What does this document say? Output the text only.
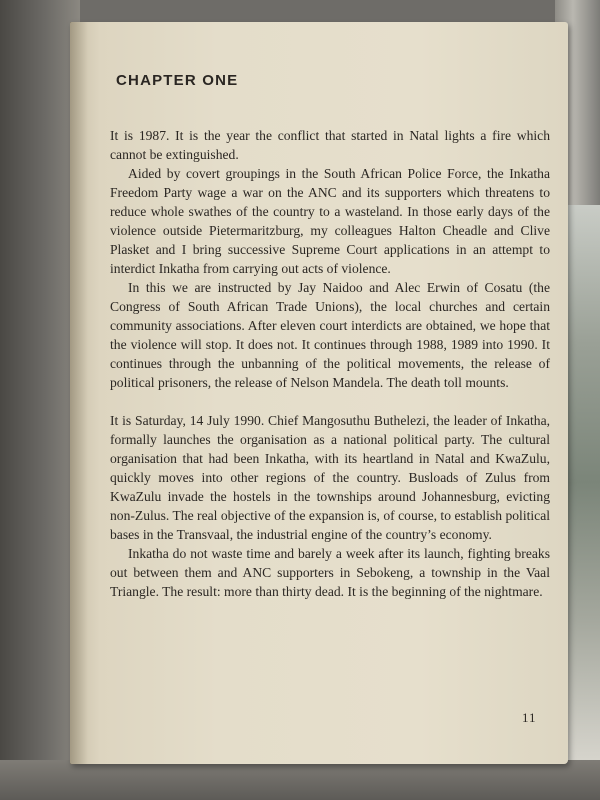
CHAPTER ONE

It is 1987. It is the year the conflict that started in Natal lights a fire which cannot be extinguished.

Aided by covert groupings in the South African Police Force, the Inkatha Freedom Party wage a war on the ANC and its supporters which threatens to reduce whole swathes of the country to a wasteland. In those early days of the violence outside Pietermaritzburg, my colleagues Halton Cheadle and Clive Plasket and I bring successive Supreme Court applications in an attempt to interdict Inkatha from carrying out acts of violence.

In this we are instructed by Jay Naidoo and Alec Erwin of Cosatu (the Congress of South African Trade Unions), the local churches and certain community associations. After eleven court interdicts are obtained, we hope that the violence will stop. It does not. It continues through 1988, 1989 into 1990. It continues through the unbanning of the political movements, the release of political prisoners, the release of Nelson Mandela. The death toll mounts.

It is Saturday, 14 July 1990. Chief Mangosuthu Buthelezi, the leader of Inkatha, formally launches the organisation as a national political party. The cultural organisation that had been Inkatha, with its heartland in Natal and KwaZulu, quickly moves into other regions of the country. Busloads of Zulus from KwaZulu invade the hostels in the townships around Johannesburg, evicting non-Zulus. The real objective of the expansion is, of course, to establish political bases in the Transvaal, the industrial engine of the country’s economy.

Inkatha do not waste time and barely a week after its launch, fighting breaks out between them and ANC supporters in Sebokeng, a township in the Vaal Triangle. The result: more than thirty dead. It is the beginning of the nightmare.

11
